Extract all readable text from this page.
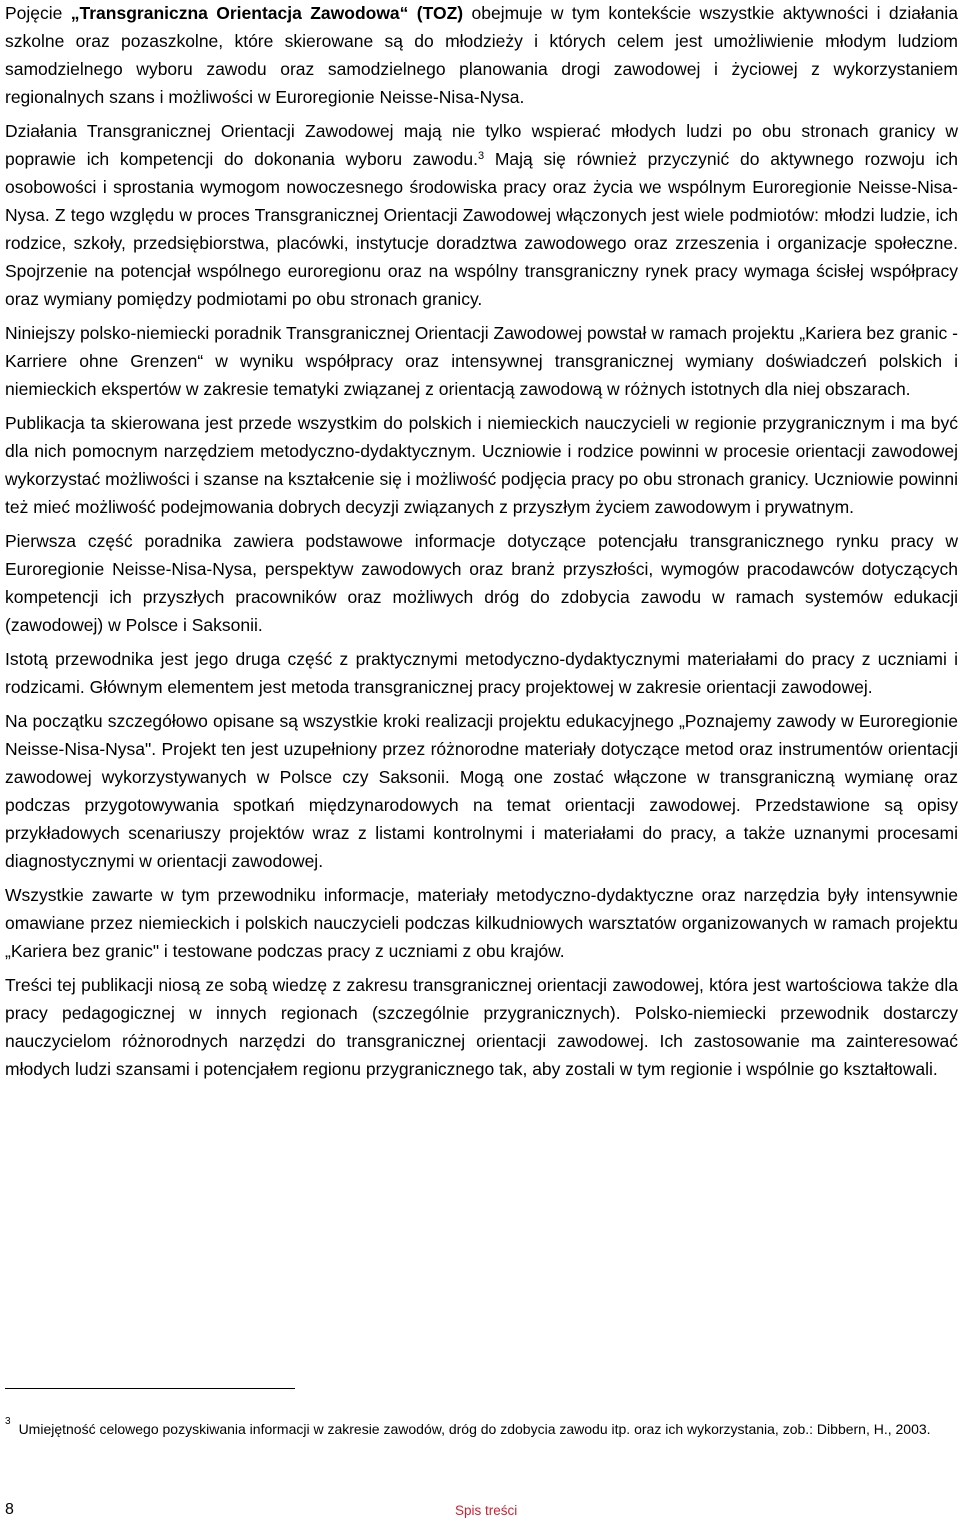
Pojęcie „Transgraniczna Orientacja Zawodowa“ (TOZ) obejmuje w tym kontekście wszystkie aktywności i działania szkolne oraz pozaszkolne, które skierowane są do młodzieży i których celem jest umożliwienie młodym ludziom samodzielnego wyboru zawodu oraz samodzielnego planowania drogi zawodowej i życiowej z wykorzystaniem regionalnych szans i możliwości w Euroregionie Neisse-Nisa-Nysa.

Działania Transgranicznej Orientacji Zawodowej mają nie tylko wspierać młodych ludzi po obu stronach granicy w poprawie ich kompetencji do dokonania wyboru zawodu.$^3$ Mają się również przyczynić do aktywnego rozwoju ich osobowości i sprostania wymogom nowoczesnego środowiska pracy oraz życia we wspólnym Euroregionie Neisse-Nisa-Nysa. Z tego względu w proces Transgranicznej Orientacji Zawodowej włączonych jest wiele podmiotów: młodzi ludzie, ich rodzice, szkoły, przedsiębiorstwa, placówki, instytucje doradztwa zawodowego oraz zrzeszenia i organizacje społeczne. Spojrzenie na potencjał wspólnego euroregionu oraz na wspólny transgraniczny rynek pracy wymaga ścisłej współpracy oraz wymiany pomiędzy podmiotami po obu stronach granicy.

Niniejszy polsko-niemiecki poradnik Transgranicznej Orientacji Zawodowej powstał w ramach projektu „Kariera bez granic - Karriere ohne Grenzen“ w wyniku współpracy oraz intensywnej transgranicznej wymiany doświadczeń polskich i niemieckich ekspertów w zakresie tematyki związanej z orientacją zawodową w różnych istotnych dla niej obszarach.

Publikacja ta skierowana jest przede wszystkim do polskich i niemieckich nauczycieli w regionie przygranicznym i ma być dla nich pomocnym narzędziem metodyczno-dydaktycznym. Uczniowie i rodzice powinni w procesie orientacji zawodowej wykorzystać możliwości i szanse na kształcenie się i możliwość podjęcia pracy po obu stronach granicy. Uczniowie powinni też mieć możliwość podejmowania dobrych decyzji związanych z przyszłym życiem zawodowym i prywatnym.

Pierwsza część poradnika zawiera podstawowe informacje dotyczące potencjału transgranicznego rynku pracy w Euroregionie Neisse-Nisa-Nysa, perspektyw zawodowych oraz branż przyszłości, wymogów pracodawców dotyczących kompetencji ich przyszłych pracowników oraz możliwych dróg do zdobycia zawodu w ramach systemów edukacji (zawodowej) w Polsce i Saksonii.

Istotą przewodnika jest jego druga część z praktycznymi metodyczno-dydaktycznymi materiałami do pracy z uczniami i rodzicami. Głównym elementem jest metoda transgranicznej pracy projektowej w zakresie orientacji zawodowej.

Na początku szczegółowo opisane są wszystkie kroki realizacji projektu edukacyjnego „Poznajemy zawody w Euroregionie Neisse-Nisa-Nysa". Projekt ten jest uzupełniony przez różnorodne materiały dotyczące metod oraz instrumentów orientacji zawodowej wykorzystywanych w Polsce czy Saksonii. Mogą one zostać włączone w transgraniczną wymianę oraz podczas przygotowywania spotkań międzynarodowych na temat orientacji zawodowej. Przedstawione są opisy przykładowych scenariuszy projektów wraz z listami kontrolnymi i materiałami do pracy, a także uznanymi procesami diagnostycznymi w orientacji zawodowej.

Wszystkie zawarte w tym przewodniku informacje, materiały metodyczno-dydaktyczne oraz narzędzia były intensywnie omawiane przez niemieckich i polskich nauczycieli podczas kilkudniowych warsztatów organizowanych w ramach projektu „Kariera bez granic" i testowane podczas pracy z uczniami z obu krajów.

Treści tej publikacji niosą ze sobą wiedzę z zakresu transgranicznej orientacji zawodowej, która jest wartościowa także dla pracy pedagogicznej w innych regionach (szczególnie przygranicznych). Polsko-niemiecki przewodnik dostarczy nauczycielom różnorodnych narzędzi do transgranicznej orientacji zawodowej. Ich zastosowanie ma zainteresować młodych ludzi szansami i potencjałem regionu przygranicznego tak, aby zostali w tym regionie i wspólnie go kształtowali.

$^3$ Umiejętność celowego pozyskiwania informacji w zakresie zawodów, dróg do zdobycia zawodu itp. oraz ich wykorzystania, zob.: Dibbern, H., 2003.
8	Spis treści
